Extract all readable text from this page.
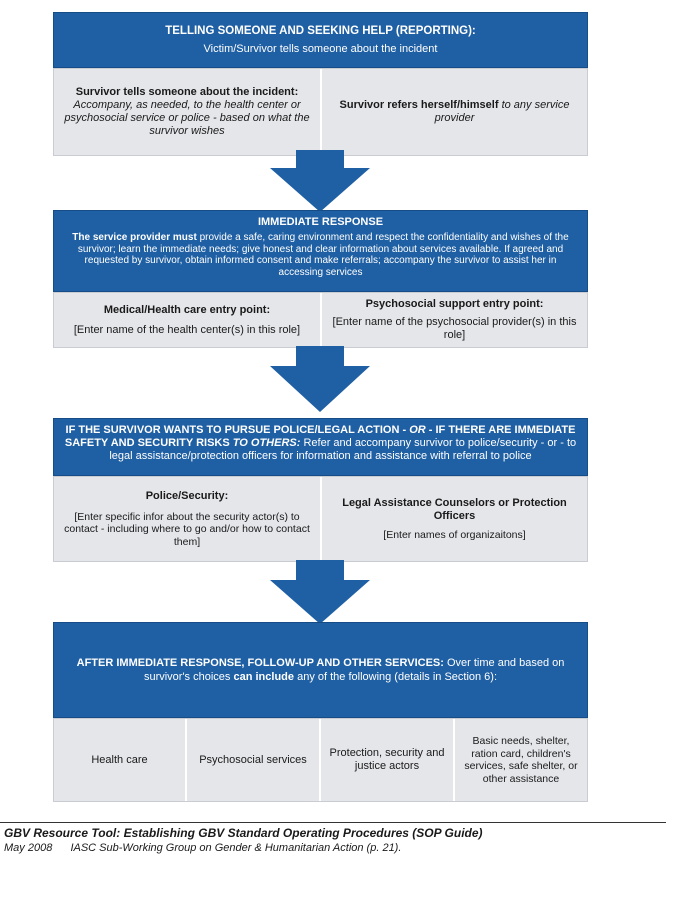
TELLING SOMEONE AND SEEKING HELP (REPORTING):
Victim/Survivor tells someone about the incident
Survivor tells someone about the incident: Accompany, as needed, to the health center or psychosocial service or police - based on what the survivor wishes
Survivor refers herself/himself to any service provider
IMMEDIATE RESPONSE
The service provider must provide a safe, caring environment and respect the confidentiality and wishes of the survivor; learn the immediate needs; give honest and clear information about services available. If agreed and requested by survivor, obtain informed consent and make referrals; accompany the survivor to assist her in accessing services
Medical/Health care entry point:
[Enter name of the health center(s) in this role]
Psychosocial support entry point:
[Enter name of the psychosocial provider(s) in this role]
IF THE SURVIVOR WANTS TO PURSUE POLICE/LEGAL ACTION - OR - IF THERE ARE IMMEDIATE SAFETY AND SECURITY RISKS TO OTHERS: Refer and accompany survivor to police/security - or - to legal assistance/protection officers for information and assistance with referral to police
Police/Security:
[Enter specific infor about the security actor(s) to contact - including where to go and/or how to contact them]
Legal Assistance Counselors or Protection Officers
[Enter names of organizaitons]
AFTER IMMEDIATE RESPONSE, FOLLOW-UP AND OTHER SERVICES: Over time and based on survivor's choices can include any of the following (details in Section 6):
Health care	Psychosocial services
Protection, security and justice actors
Basic needs, shelter, ration card, children's services, safe shelter, or other assistance
GBV Resource Tool: Establishing GBV Standard Operating Procedures (SOP Guide)
May 2008 IASC Sub-Working Group on Gender & Humanitarian Action (p. 21).
